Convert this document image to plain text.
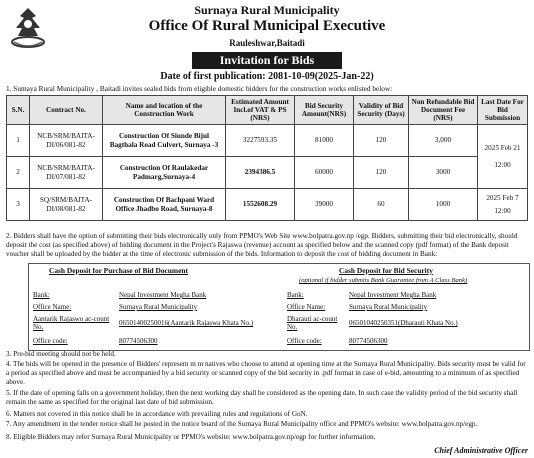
Surnaya Rural Municipality
Office Of Rural Municipal Executive
Rauleshwar,Baitadi
Invitation for Bids
Date of first publication: 2081-10-09(2025-Jan-22)
1. Sumaya Rural Municipality , Baitadi invites sealed bids from eligible domestic bidders for the construction works enlisted below:
S.N.	Contract No.	Name and location of the Construction Work	Estimated Amount Incl.of VAT & PS (NRS)	Bid Security Amount(NRS)	Validity of Bid Security (Days)	Non Refundable Bid Document Fee (NRS)	Last Date For Bid Submission
1	NCB/SRM/BAITA-DI/06/081-82	Construction Of Siunde Bijul Bagthala Road Culvert, Surnaya -3	3227593.35	81000	120	3,000	2025 Feb 21
12:00

2	NCB/SRM/BAITA-DI/07/081-82	Construction Of Raulakedar Padmarg,Surnaya-4	2394386.5	60000	120	3000	
3	SQ/SRM/BAITA-DI/08/081-82	Construction Of Bachpani Ward Office Jhadbo Road, Surnaya-8	1552608.29	39000	60	1000	2025 Feb 7
12:00
2. Bidders shall have the option of submitting their bids electronically only from PPMO's Web Site www.bolpatra.gov.np /egp. Bidders, submitting their bid electronically, should deposit the cost (as specified above) of bidding document in the Project's Rajaswa (revenue) account as specified below and the scanned copy (pdf format) of the Bank deposit voucher shall be uploaded by the bidder at the time of electronic submission of the bids. Information to deposit the cost of bidding document in Bank:
Cash Deposit for Purchase of Bid Document	Cash Deposit for Bid Security
(optional if bidder submits Bank Guarantee from A Class Bank)
Bank:	Nepal Investment Megha Bank
Office Name:	Surnaya Rural Municipality
Aantarik Rajaswo ac-count No.	06501400250016(Aantarik Rajaswa Khata No.)
Office code:	80774506300
Bank:	Nepal Investment Megha Bank
Office Name:	Surnaya Rural Municipality
Dharauti ac-count No.	06501040250351(Dharauti Khata No.)
Office code:	80774506300
3. Pre-bid meeting should not be held.
4. The bids will be opened in the presence of Bidders' represem m m natives who choose to attend at opening time at the Surnaya Rural Municipality. Bids security must be valid for a period as specified above and must be accompanied by a bid security or scanned copy of the bid security in .pdf format in case of e-bid, amounting to a minimum of as specified above.
5. If the date of opening falls on a government holiday, then the next working day shall be considered as the opening date. In such case the validity period of the bid security shall remain the same as specified for the original last date of bid submission.
6. Matters not covered in this notice shall be in accordance with prevailing rules and regulations of GoN.
7. Any amendment in the tender notice shall be posted in the notice board of the Surnaya Rural Municipality office and PPMO's website: www.bolpatra.gov.np/egp.
8. Eligible Bidders may refer Surnaya Rural Municipality or PPMO's website: www.bolpatra.gov.np/egp for further information.
Chief Administrative Officer
